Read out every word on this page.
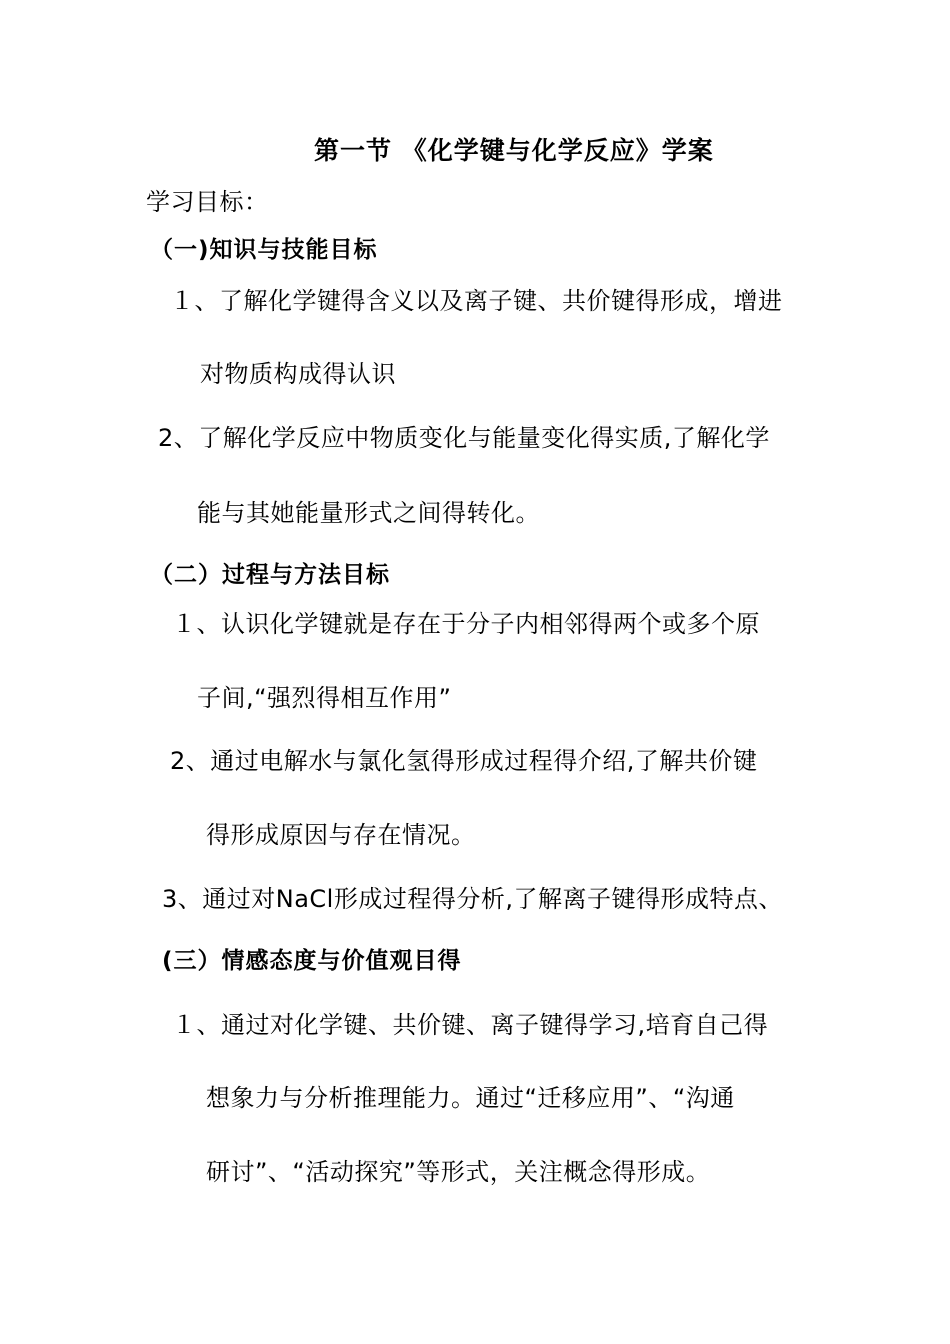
第一节 《化学键与化学反应》学案
学习目标：
（一)知识与技能目标
１、了解化学键得含义以及离子键、共价键得形成，增进
对物质构成得认识
2、了解化学反应中物质变化与能量变化得实质,了解化学
能与其她能量形式之间得转化。
（二）过程与方法目标
１、认识化学键就是存在于分子内相邻得两个或多个原
子间,“强烈得相互作用”
2、通过电解水与氯化氢得形成过程得介绍,了解共价键
得形成原因与存在情况。
3、通过对NaCl形成过程得分析,了解离子键得形成特点、
(三）情感态度与价值观目得
１、通过对化学键、共价键、离子键得学习,培育自己得
想象力与分析推理能力。通过“迁移应用”、“沟通
研讨”、“活动探究”等形式，关注概念得形成。
